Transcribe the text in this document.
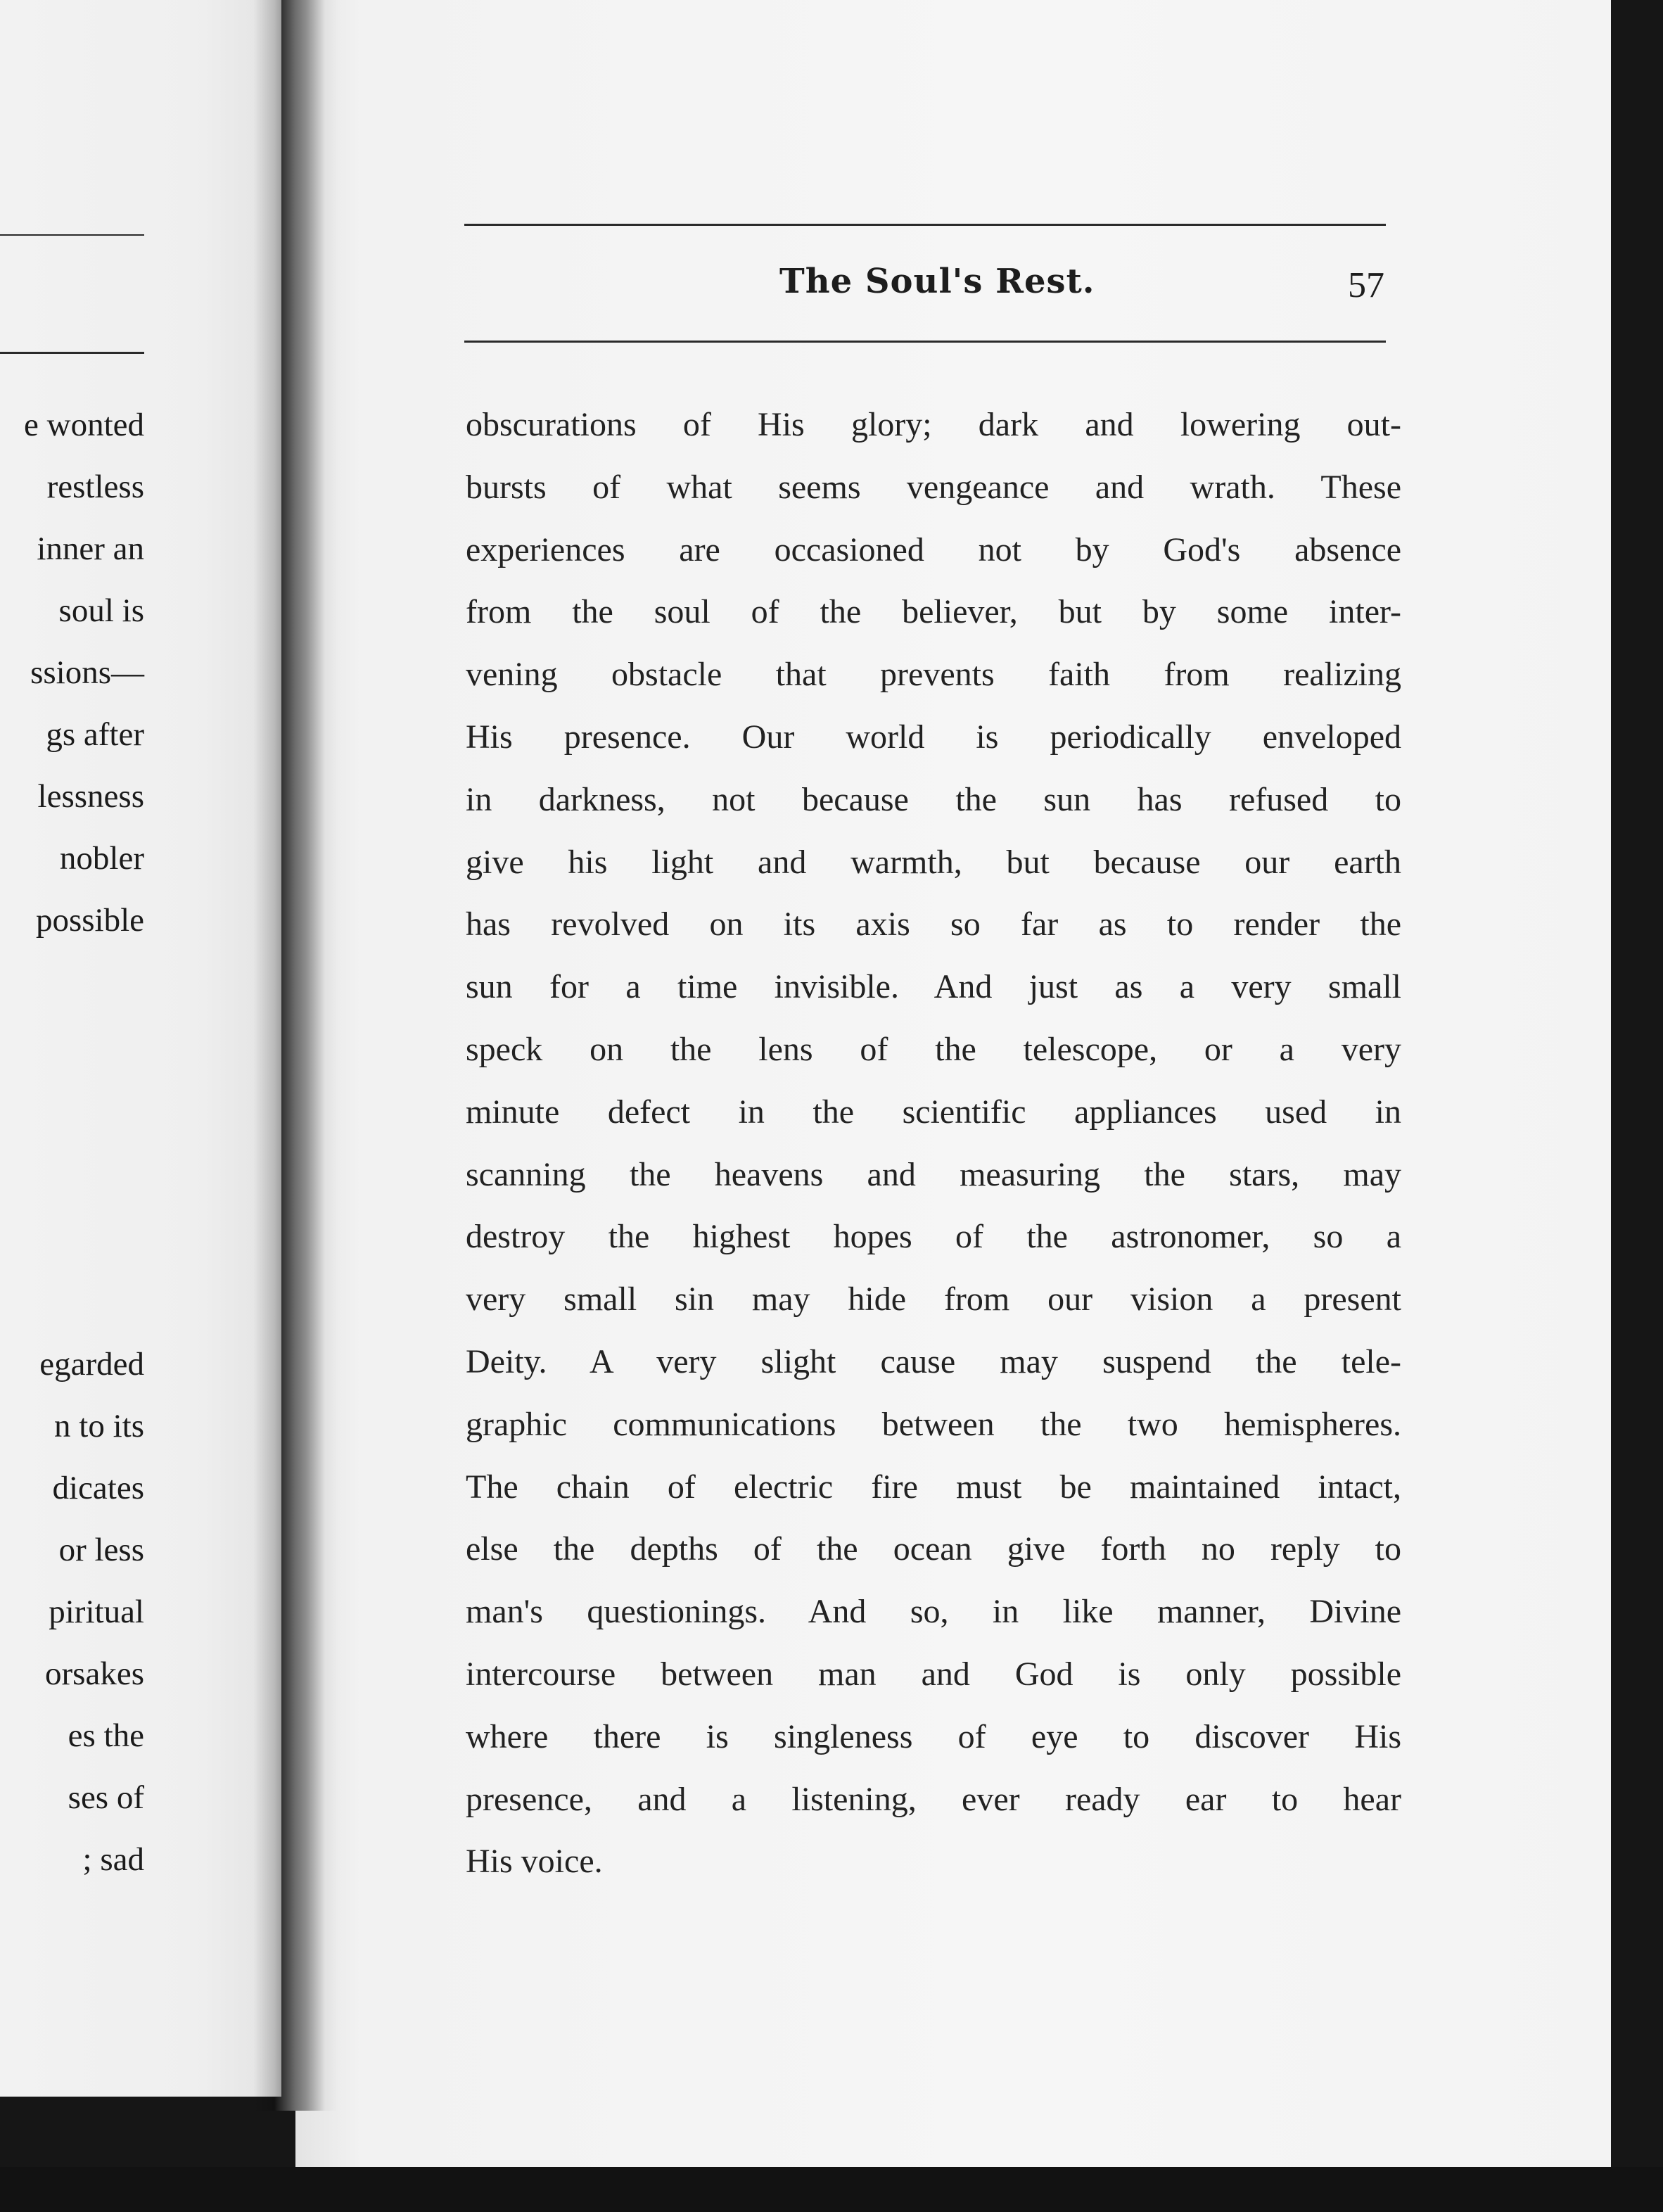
e wonted
restless
inner an
soul is
ssions—
gs after
lessness
nobler
possible
egarded
n to its
dicates
or less
piritual
orsakes
es the
ses of
; sad
The Soul's Rest.	57
obscurations of His glory; dark and lowering out-
bursts of what seems vengeance and wrath. These
experiences are occasioned not by God's absence
from the soul of the believer, but by some inter-
vening obstacle that prevents faith from realizing
His presence. Our world is periodically enveloped
in darkness, not because the sun has refused to
give his light and warmth, but because our earth
has revolved on its axis so far as to render the
sun for a time invisible. And just as a very small
speck on the lens of the telescope, or a very
minute defect in the scientific appliances used in
scanning the heavens and measuring the stars, may
destroy the highest hopes of the astronomer, so a
very small sin may hide from our vision a present
Deity. A very slight cause may suspend the tele-
graphic communications between the two hemispheres.
The chain of electric fire must be maintained intact,
else the depths of the ocean give forth no reply to
man's questionings. And so, in like manner, Divine
intercourse between man and God is only possible
where there is singleness of eye to discover His
presence, and a listening, ever ready ear to hear
His voice.
